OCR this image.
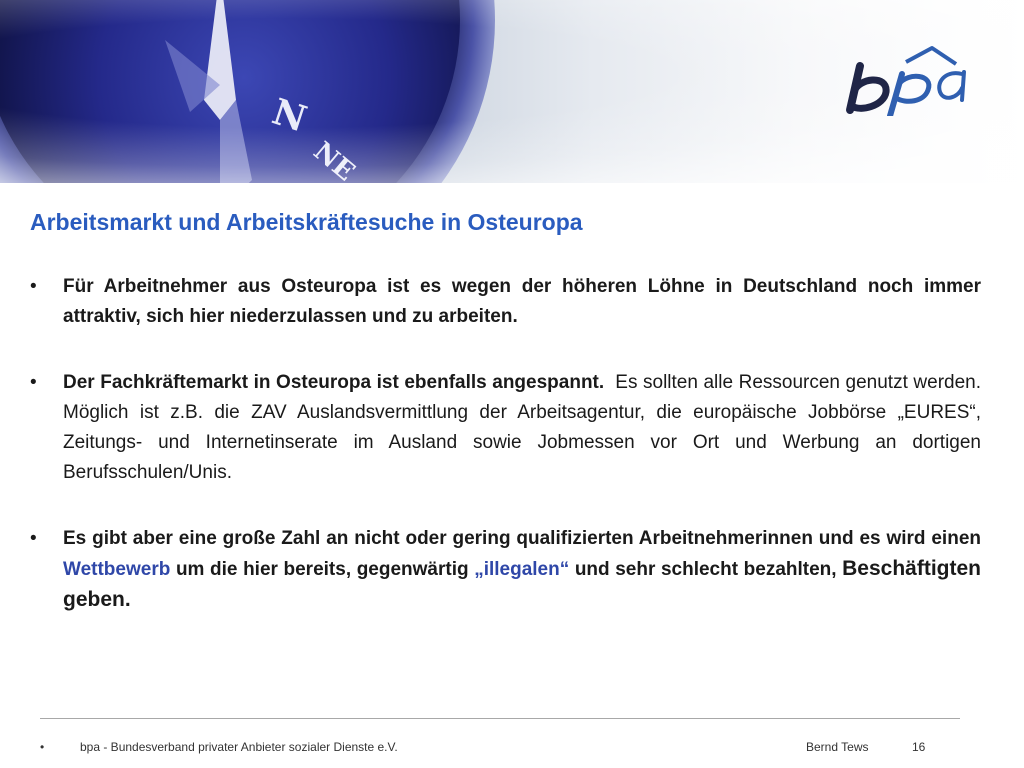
Arbeitsmarkt und Arbeitskräftesuche in Osteuropa
• Für Arbeitnehmer aus Osteuropa ist es wegen der höheren Löhne in Deutschland noch immer attraktiv, sich hier niederzulassen und zu arbeiten.
• Der Fachkräftemarkt in Osteuropa ist ebenfalls angespannt. Es sollten alle Ressourcen genutzt werden. Möglich ist z.B. die ZAV Auslandsvermittlung der Arbeitsagentur, die europäische Jobbörse „EURES“, Zeitungs- und Internetinserate im Ausland sowie Jobmessen vor Ort und Werbung an dortigen Berufsschulen/Unis.
• Es gibt aber eine große Zahl an nicht oder gering qualifizierten Arbeitnehmerinnen und es wird einen Wettbewerb um die hier bereits, gegenwärtig „illegalen“ und sehr schlecht bezahlten, Beschäftigten geben.
•	bpa - Bundesverband privater Anbieter sozialer Dienste e.V.	Bernd Tews	16
